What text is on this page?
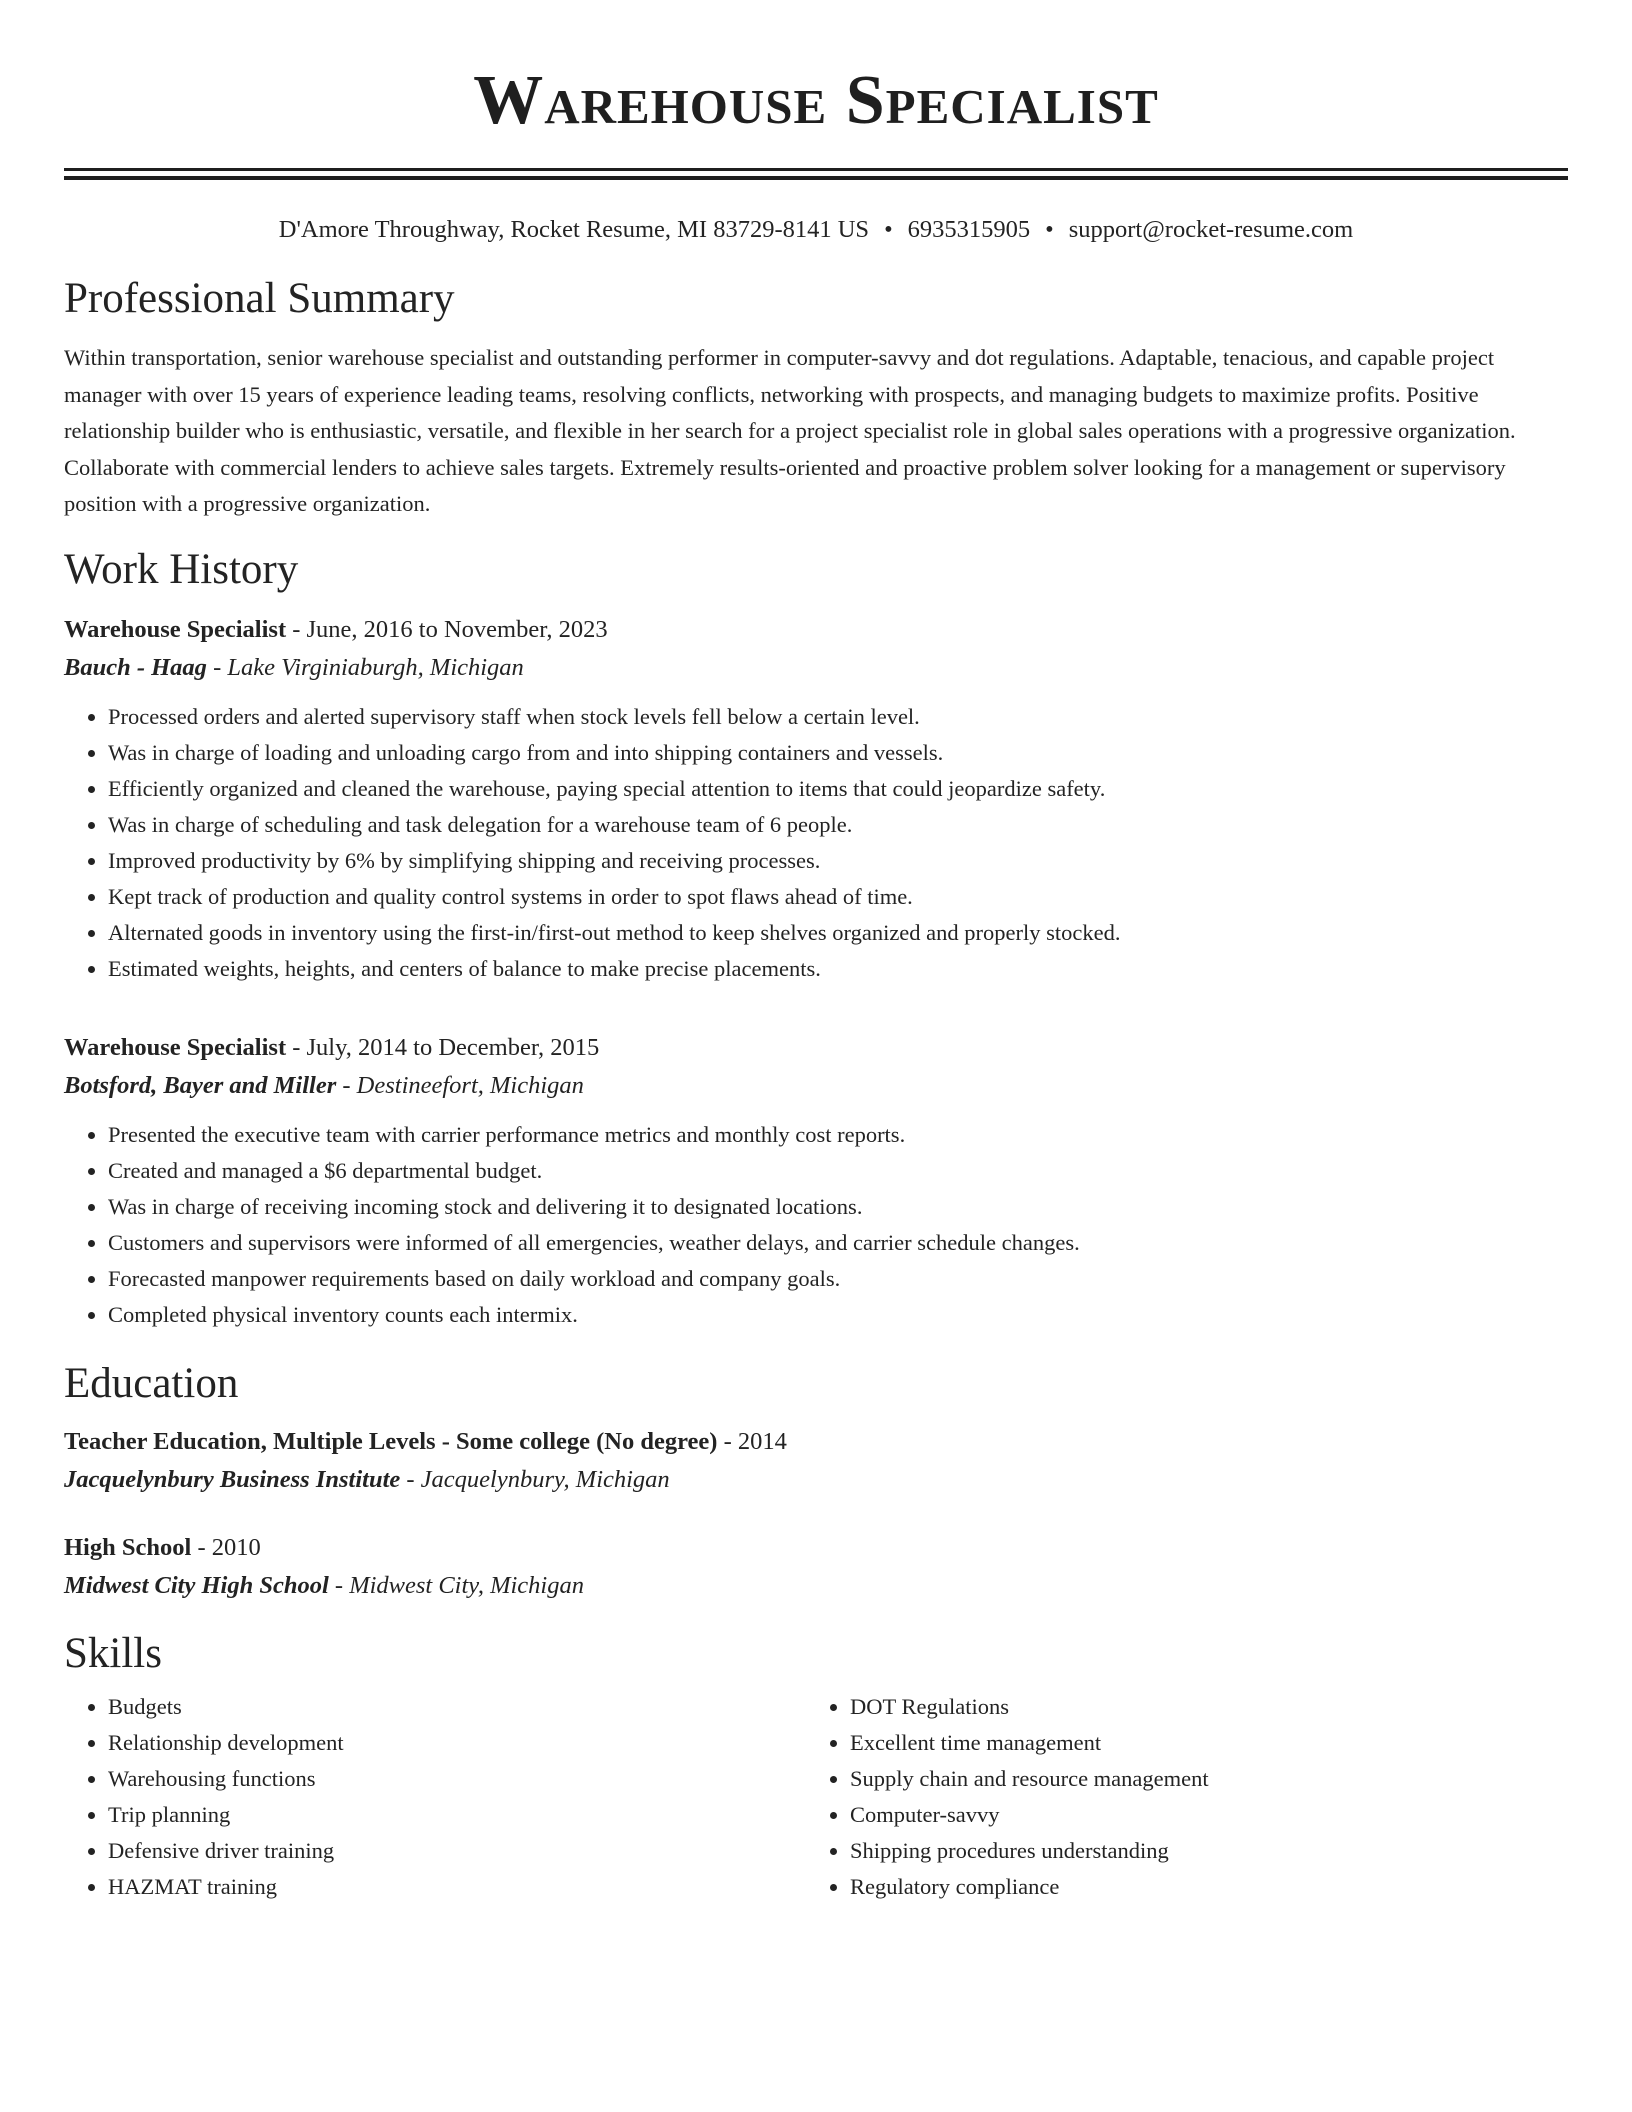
Warehouse Specialist
D'Amore Throughway, Rocket Resume, MI 83729-8141 US • 6935315905 • support@rocket-resume.com
Professional Summary
Within transportation, senior warehouse specialist and outstanding performer in computer-savvy and dot regulations. Adaptable, tenacious, and capable project manager with over 15 years of experience leading teams, resolving conflicts, networking with prospects, and managing budgets to maximize profits. Positive relationship builder who is enthusiastic, versatile, and flexible in her search for a project specialist role in global sales operations with a progressive organization. Collaborate with commercial lenders to achieve sales targets. Extremely results-oriented and proactive problem solver looking for a management or supervisory position with a progressive organization.
Work History
Warehouse Specialist - June, 2016 to November, 2023
Bauch - Haag - Lake Virginiaburgh, Michigan
• Processed orders and alerted supervisory staff when stock levels fell below a certain level.
• Was in charge of loading and unloading cargo from and into shipping containers and vessels.
• Efficiently organized and cleaned the warehouse, paying special attention to items that could jeopardize safety.
• Was in charge of scheduling and task delegation for a warehouse team of 6 people.
• Improved productivity by 6% by simplifying shipping and receiving processes.
• Kept track of production and quality control systems in order to spot flaws ahead of time.
• Alternated goods in inventory using the first-in/first-out method to keep shelves organized and properly stocked.
• Estimated weights, heights, and centers of balance to make precise placements.
Warehouse Specialist - July, 2014 to December, 2015
Botsford, Bayer and Miller - Destineefort, Michigan
• Presented the executive team with carrier performance metrics and monthly cost reports.
• Created and managed a $6 departmental budget.
• Was in charge of receiving incoming stock and delivering it to designated locations.
• Customers and supervisors were informed of all emergencies, weather delays, and carrier schedule changes.
• Forecasted manpower requirements based on daily workload and company goals.
• Completed physical inventory counts each intermix.
Education
Teacher Education, Multiple Levels - Some college (No degree) - 2014
Jacquelynbury Business Institute - Jacquelynbury, Michigan
High School - 2010
Midwest City High School - Midwest City, Michigan
Skills
• Budgets
• Relationship development
• Warehousing functions
• Trip planning
• Defensive driver training
• HAZMAT training
• DOT Regulations
• Excellent time management
• Supply chain and resource management
• Computer-savvy
• Shipping procedures understanding
• Regulatory compliance
